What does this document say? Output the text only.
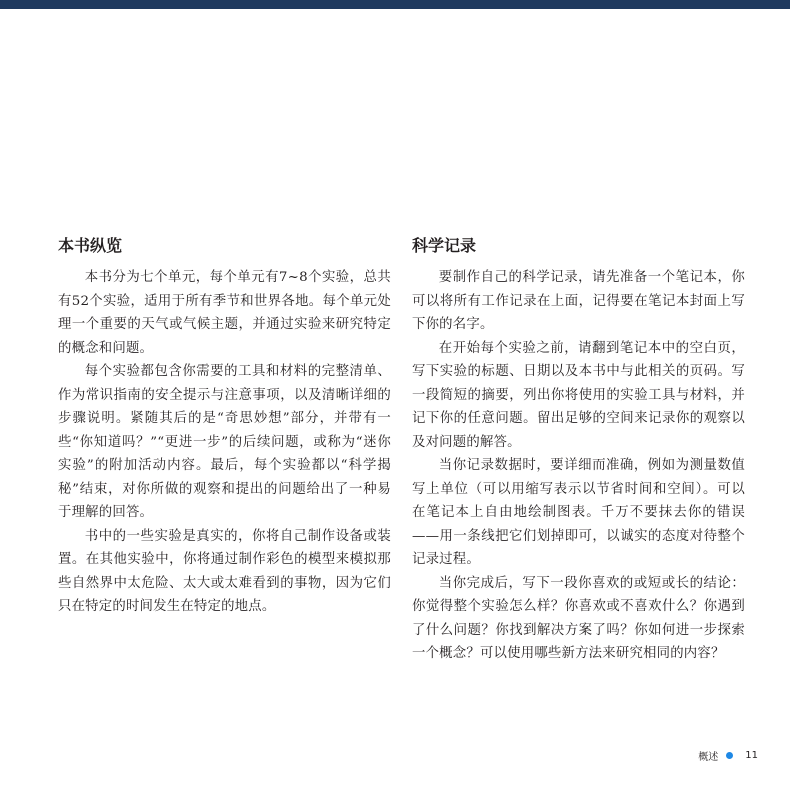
本书纵览

本书分为七个单元，每个单元有7~8个实验，总共有52个实验，适用于所有季节和世界各地。每个单元处理一个重要的天气或气候主题，并通过实验来研究特定的概念和问题。

每个实验都包含你需要的工具和材料的完整清单、作为常识指南的安全提示与注意事项，以及清晰详细的步骤说明。紧随其后的是“奇思妙想”部分，并带有一些“你知道吗？”“更进一步”的后续问题，或称为“迷你实验”的附加活动内容。最后，每个实验都以“科学揭秘”结束，对你所做的观察和提出的问题给出了一种易于理解的回答。

书中的一些实验是真实的，你将自己制作设备或装置。在其他实验中，你将通过制作彩色的模型来模拟那些自然界中太危险、太大或太难看到的事物，因为它们只在特定的时间发生在特定的地点。

科学记录

要制作自己的科学记录，请先准备一个笔记本，你可以将所有工作记录在上面，记得要在笔记本封面上写下你的名字。

在开始每个实验之前，请翻到笔记本中的空白页，写下实验的标题、日期以及本书中与此相关的页码。写一段简短的摘要，列出你将使用的实验工具与材料，并记下你的任意问题。留出足够的空间来记录你的观察以及对问题的解答。

当你记录数据时，要详细而准确，例如为测量数值写上单位（可以用缩写表示以节省时间和空间）。可以在笔记本上自由地绘制图表。千万不要抹去你的错误——用一条线把它们划掉即可，以诚实的态度对待整个记录过程。

当你完成后，写下一段你喜欢的或短或长的结论：你觉得整个实验怎么样？你喜欢或不喜欢什么？你遇到了什么问题？你找到解决方案了吗？你如何进一步探索一个概念？可以使用哪些新方法来研究相同的内容？

概述	11
